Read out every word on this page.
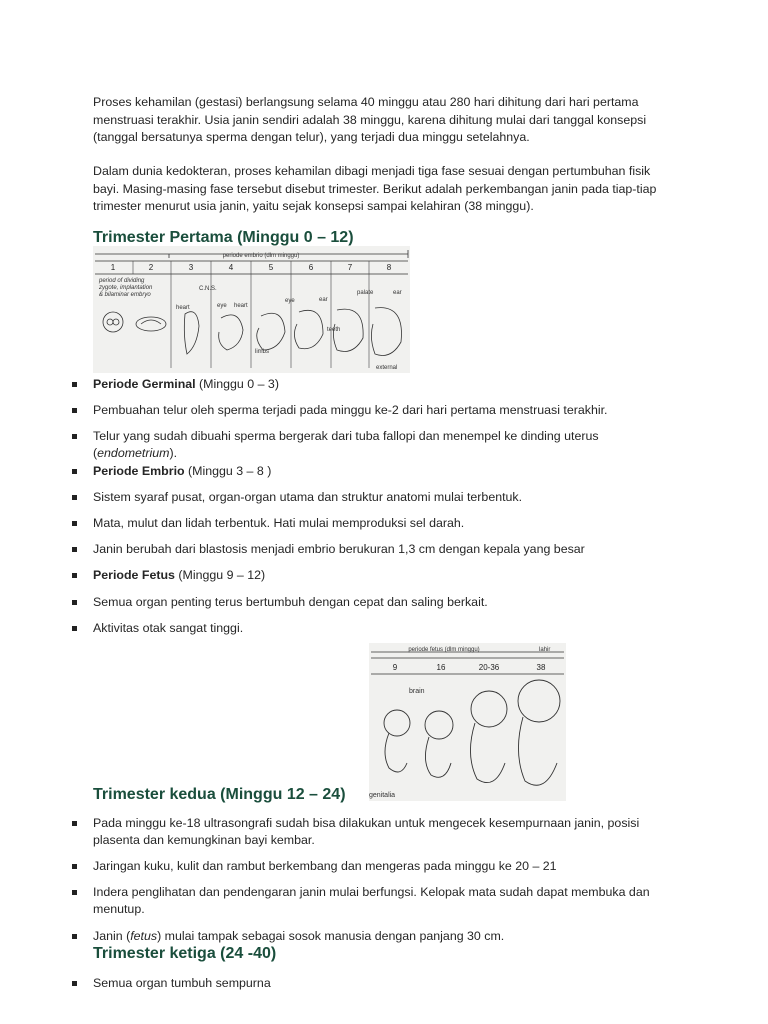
Proses kehamilan (gestasi) berlangsung selama 40 minggu atau 280 hari dihitung dari hari pertama menstruasi terakhir. Usia janin sendiri adalah 38 minggu, karena dihitung mulai dari tanggal konsepsi (tanggal bersatunya sperma dengan telur), yang terjadi dua minggu setelahnya.

Dalam dunia kedokteran, proses kehamilan dibagi menjadi tiga fase sesuai dengan pertumbuhan fisik bayi. Masing-masing fase tersebut disebut trimester. Berikut adalah perkembangan janin pada tiap-tiap trimester menurut usia janin, yaitu sejak konsepsi sampai kelahiran (38 minggu).

Trimester Pertama (Minggu 0 – 12)
periode embrio (dlm minggu)
1	2	3	4	5	6	7	8
period of dividing
zygote, implantation
& bilaminar embryo
C.N.S.
heart	eye heart
eye	ear
palate	ear
teeth
limbs
external

Periode Germinal (Minggu 0 – 3)

Pembuahan telur oleh sperma terjadi pada minggu ke-2 dari hari pertama menstruasi terakhir.

Telur yang sudah dibuahi sperma bergerak dari tuba fallopi dan menempel ke dinding uterus (endometrium).

Periode Embrio (Minggu 3 – 8 )

Sistem syaraf pusat, organ-organ utama dan struktur anatomi mulai terbentuk.

Mata, mulut dan lidah terbentuk. Hati mulai memproduksi sel darah.

Janin berubah dari blastosis menjadi embrio berukuran 1,3 cm dengan kepala yang besar

Periode Fetus (Minggu 9 – 12)

Semua organ penting terus bertumbuh dengan cepat dan saling berkait.

Aktivitas otak sangat tinggi.

periode fetus (dlm minggu)	lahir
9	16	20-36	38
brain
genitalia
Trimester kedua (Minggu 12 – 24)

Pada minggu ke-18 ultrasongrafi sudah bisa dilakukan untuk mengecek kesempurnaan janin, posisi plasenta dan kemungkinan bayi kembar.

Jaringan kuku, kulit dan rambut berkembang dan mengeras pada minggu ke 20 – 21

Indera penglihatan dan pendengaran janin mulai berfungsi. Kelopak mata sudah dapat membuka dan menutup.

Janin (fetus) mulai tampak sebagai sosok manusia dengan panjang 30 cm.

Trimester ketiga (24 -40)

Semua organ tumbuh sempurna
